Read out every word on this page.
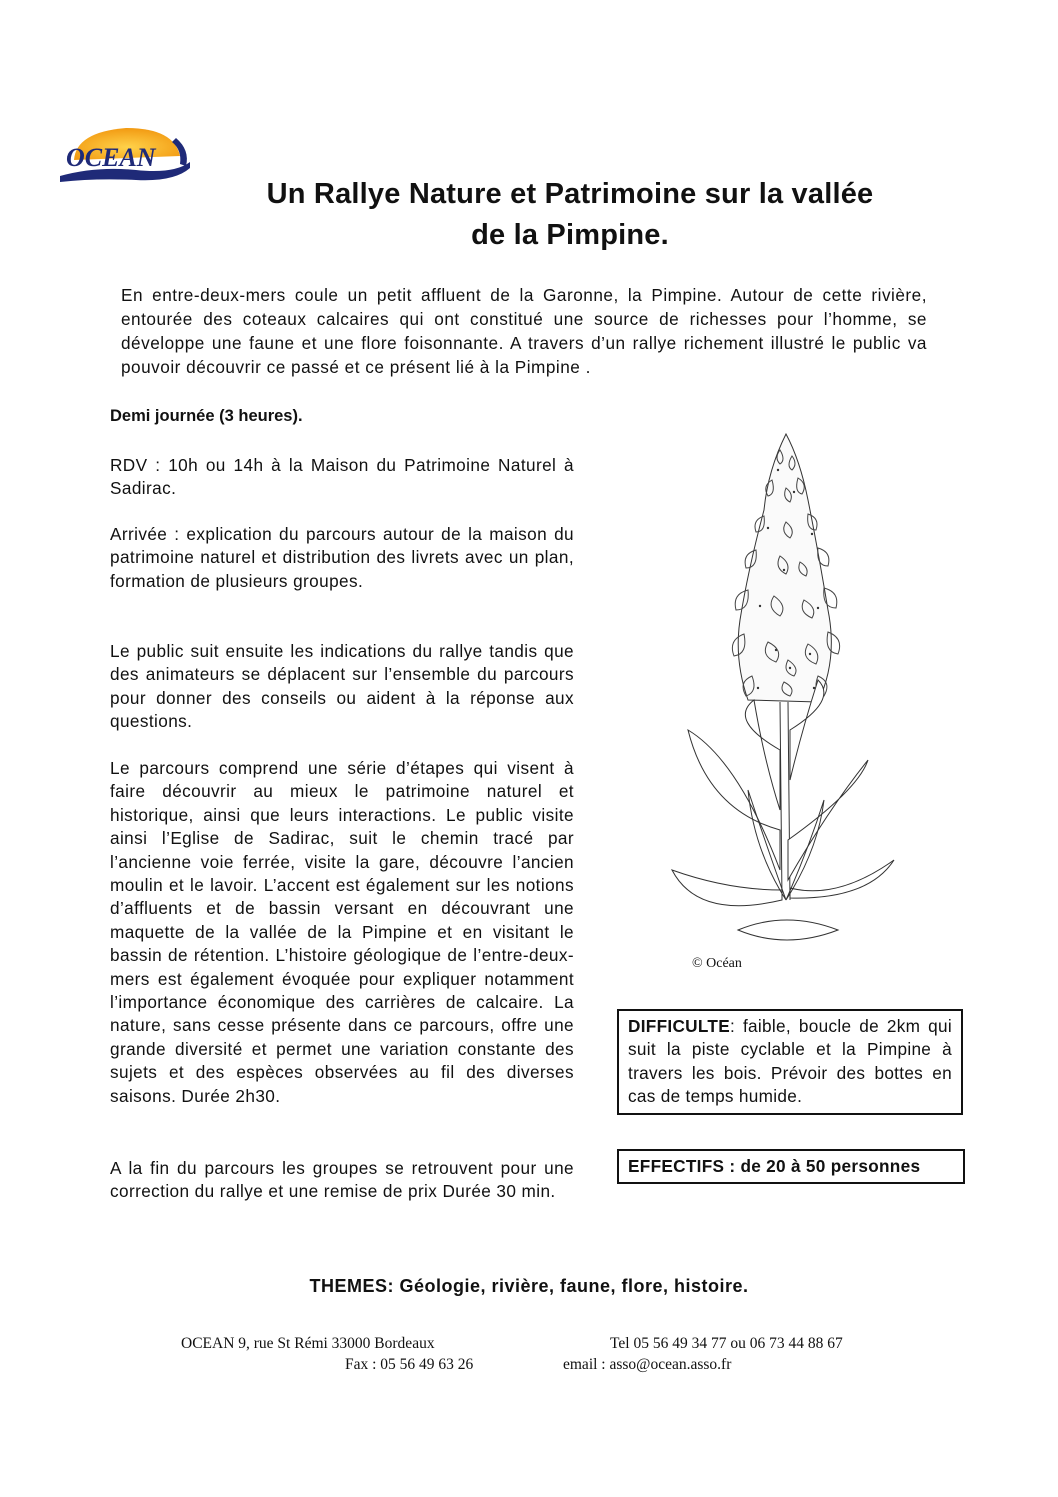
OCEAN
Un Rallye Nature et Patrimoine sur la vallée
de la Pimpine.
En entre-deux-mers coule un petit affluent de la Garonne, la Pimpine. Autour de cette rivière, entourée des coteaux calcaires qui ont constitué une source de richesses pour l’homme, se développe une faune et une flore foisonnante. A travers d’un rallye richement illustré le public va pouvoir découvrir ce passé et ce présent lié à la Pimpine .
Demi journée (3 heures).
RDV : 10h ou 14h à la Maison du Patrimoine Naturel à Sadirac.
Arrivée : explication du parcours autour de la maison du patrimoine naturel et distribution des livrets avec un plan, formation de plusieurs groupes.
Le public suit ensuite les indications du rallye tandis que des animateurs se déplacent sur l’ensemble du parcours pour donner des conseils ou aident à la réponse aux questions.
Le parcours comprend une série d’étapes qui visent à faire découvrir au mieux le patrimoine naturel et historique, ainsi que leurs interactions. Le public visite ainsi l’Eglise de Sadirac, suit le chemin tracé par l’ancienne voie ferrée, visite la gare, découvre l’ancien moulin et le lavoir. L’accent est également sur les notions d’affluents et de bassin versant en découvrant une maquette de la vallée de la Pimpine et en visitant le bassin de rétention. L’histoire géologique de l’entre-deux-mers est également évoquée pour expliquer notamment l’importance économique des carrières de calcaire. La nature, sans cesse présente dans ce parcours, offre une grande diversité et permet une variation constante des sujets et des espèces observées au fil des diverses saisons. Durée 2h30.
A la fin du parcours les groupes se retrouvent pour une correction du rallye et une remise de prix Durée 30 min.
© Océan
DIFFICULTE: faible, boucle de 2km qui suit la piste cyclable et la Pimpine à travers les bois. Prévoir des bottes en cas de temps humide.
EFFECTIFS : de 20 à 50 personnes
THEMES: Géologie, rivière, faune, flore, histoire.
OCEAN 9, rue St Rémi 33000 Bordeaux	Tel 05 56 49 34 77 ou 06 73 44 88 67
Fax : 05 56 49 63 26	email : asso@ocean.asso.fr
